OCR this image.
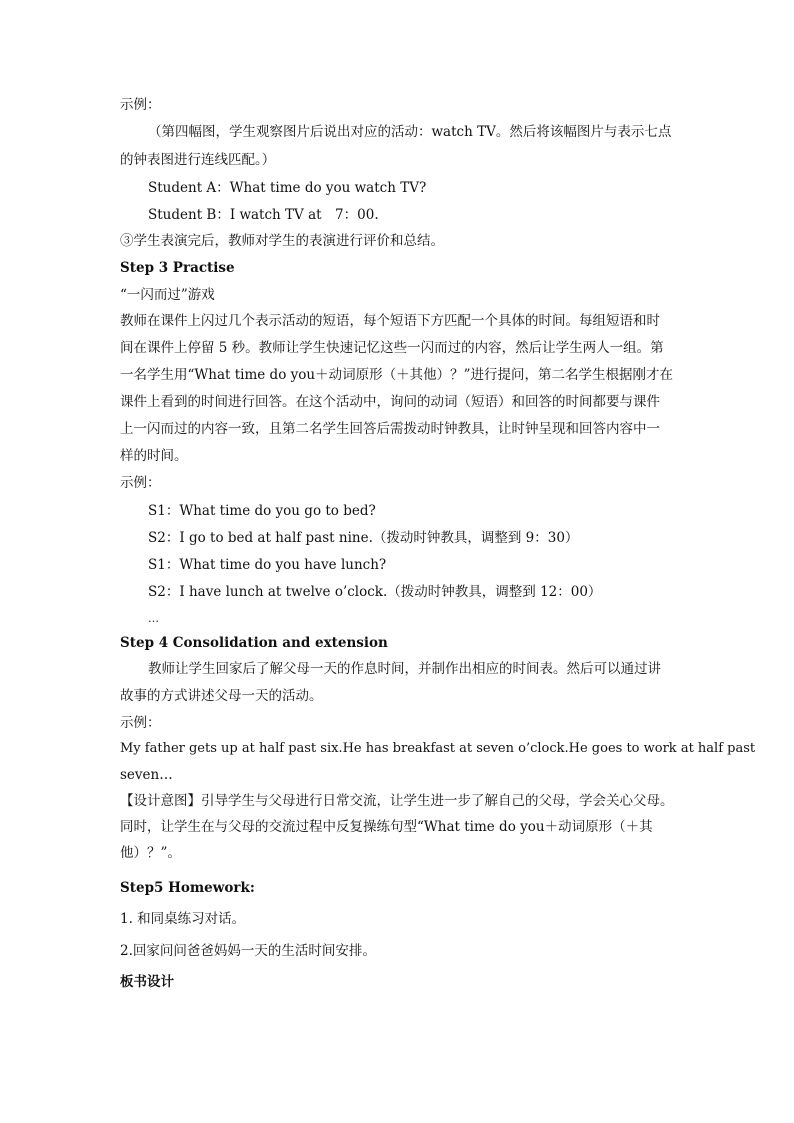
示例：
（第四幅图，学生观察图片后说出对应的活动：watch TV。然后将该幅图片与表示七点
的钟表图进行连线匹配。）
Student A：What time do you watch TV?
Student B：I watch TV at　7：00.
③学生表演完后，教师对学生的表演进行评价和总结。
Step 3 Practise
“一闪而过”游戏
教师在课件上闪过几个表示活动的短语，每个短语下方匹配一个具体的时间。每组短语和时
间在课件上停留 5 秒。教师让学生快速记忆这些一闪而过的内容，然后让学生两人一组。第
一名学生用“What time do you＋动词原形（＋其他）？”进行提问，第二名学生根据刚才在
课件上看到的时间进行回答。在这个活动中，询问的动词（短语）和回答的时间都要与课件
上一闪而过的内容一致，且第二名学生回答后需拨动时钟教具，让时钟呈现和回答内容中一
样的时间。
示例：
S1：What time do you go to bed?
S2：I go to bed at half past nine.（拨动时钟教具，调整到 9：30）
S1：What time do you have lunch?
S2：I have lunch at twelve o’clock.（拨动时钟教具，调整到 12：00）
…
Step 4 Consolidation and extension
教师让学生回家后了解父母一天的作息时间，并制作出相应的时间表。然后可以通过讲
故事的方式讲述父母一天的活动。
示例：
My father gets up at half past six.He has breakfast at seven o’clock.He goes to work at half past
seven…
【设计意图】引导学生与父母进行日常交流，让学生进一步了解自己的父母，学会关心父母。
同时，让学生在与父母的交流过程中反复操练句型“What time do you＋动词原形（＋其
他）？”。
Step5 Homework:
1. 和同桌练习对话。
2.回家问问爸爸妈妈一天的生活时间安排。
板书设计
